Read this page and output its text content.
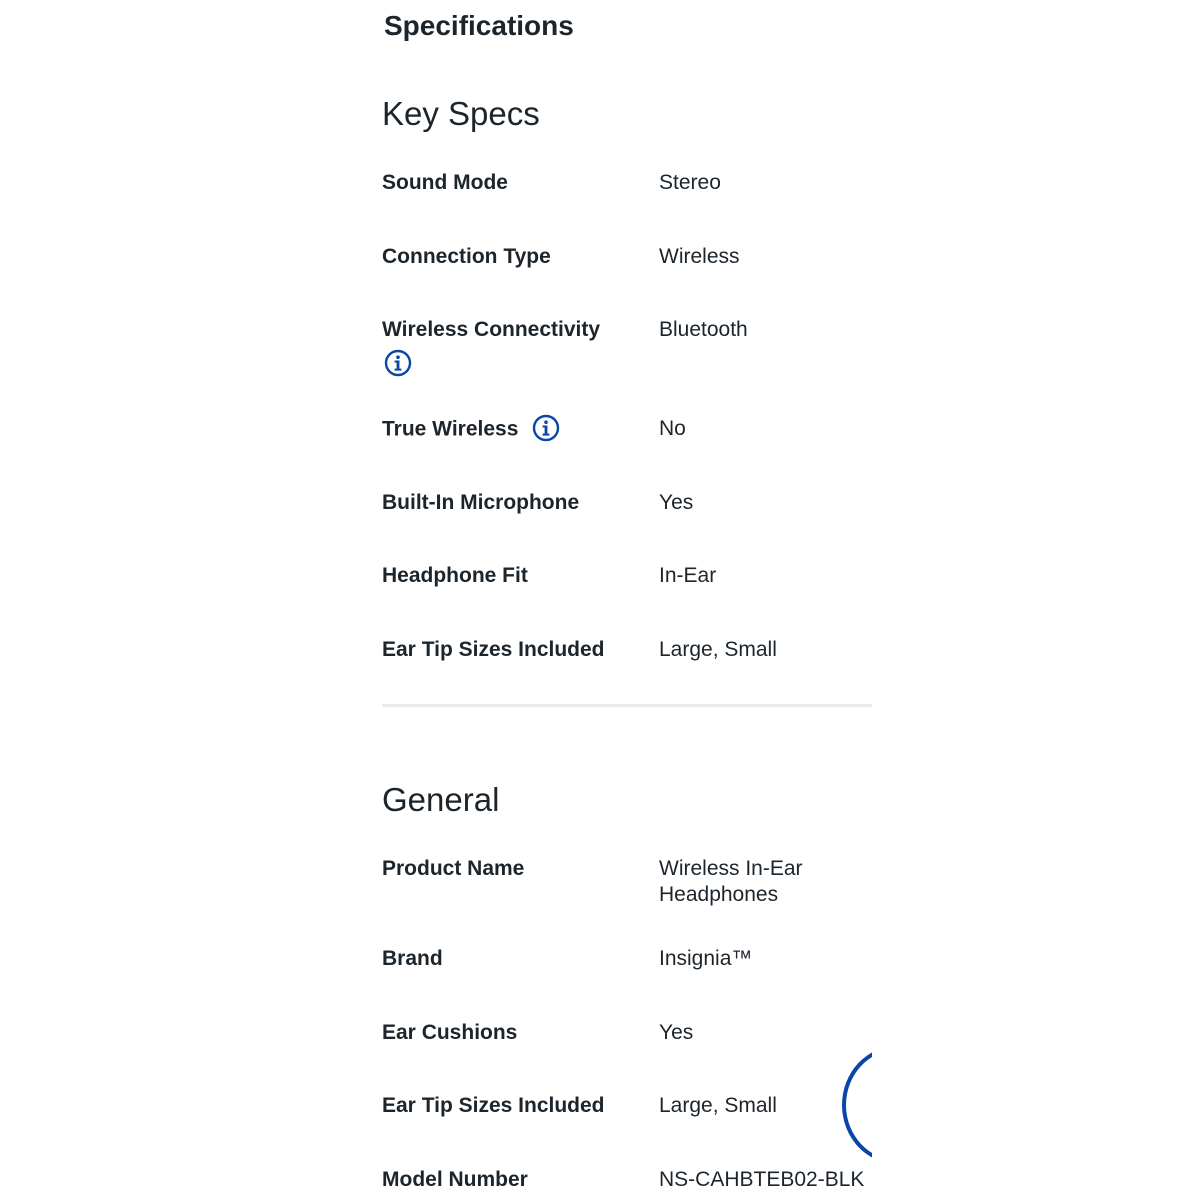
Specifications
Key Specs
Sound Mode	Stereo
Connection Type	Wireless
Wireless Connectivity	Bluetooth
True Wireless	No
Built-In Microphone	Yes
Headphone Fit	In-Ear
Ear Tip Sizes Included	Large, Small
General
Product Name	Wireless In-Ear Headphones
Brand	Insignia™
Ear Cushions	Yes
Ear Tip Sizes Included	Large, Small
Model Number	NS-CAHBTEB02-BLK
